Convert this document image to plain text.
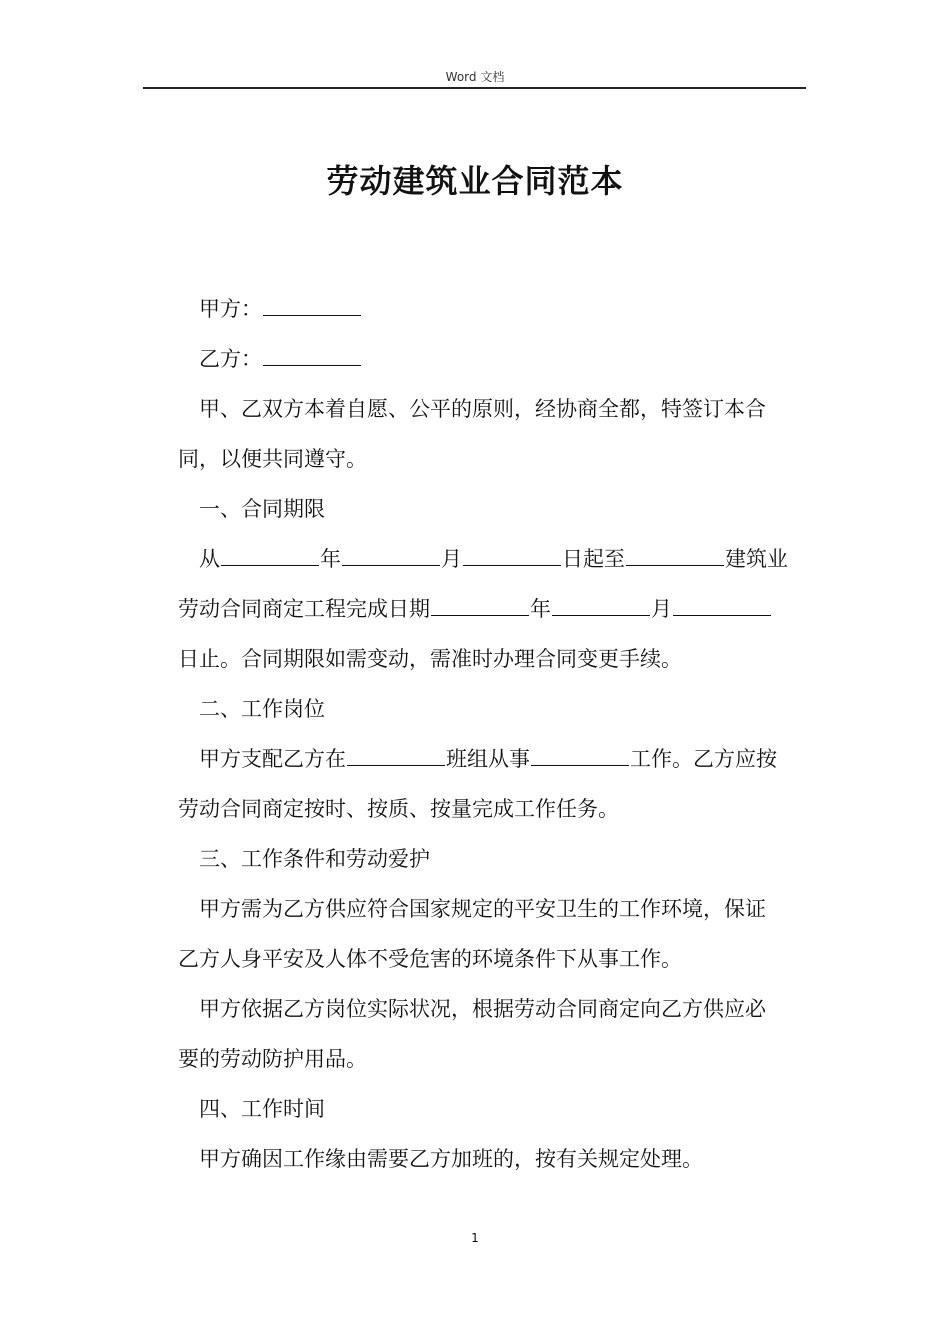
Word 文档
劳动建筑业合同范本
甲方：
乙方：
甲、乙双方本着自愿、公平的原则，经协商全都，特签订本合
同，以便共同遵守。
一、合同期限
从	年	月	日起至	建筑业
劳动合同商定工程完成日期	年	月
日止。合同期限如需变动，需准时办理合同变更手续。
二、工作岗位
甲方支配乙方在	班组从事	工作。乙方应按
劳动合同商定按时、按质、按量完成工作任务。
三、工作条件和劳动爱护
甲方需为乙方供应符合国家规定的平安卫生的工作环境，保证
乙方人身平安及人体不受危害的环境条件下从事工作。
甲方依据乙方岗位实际状况，根据劳动合同商定向乙方供应必
要的劳动防护用品。
四、工作时间
甲方确因工作缘由需要乙方加班的，按有关规定处理。
1
